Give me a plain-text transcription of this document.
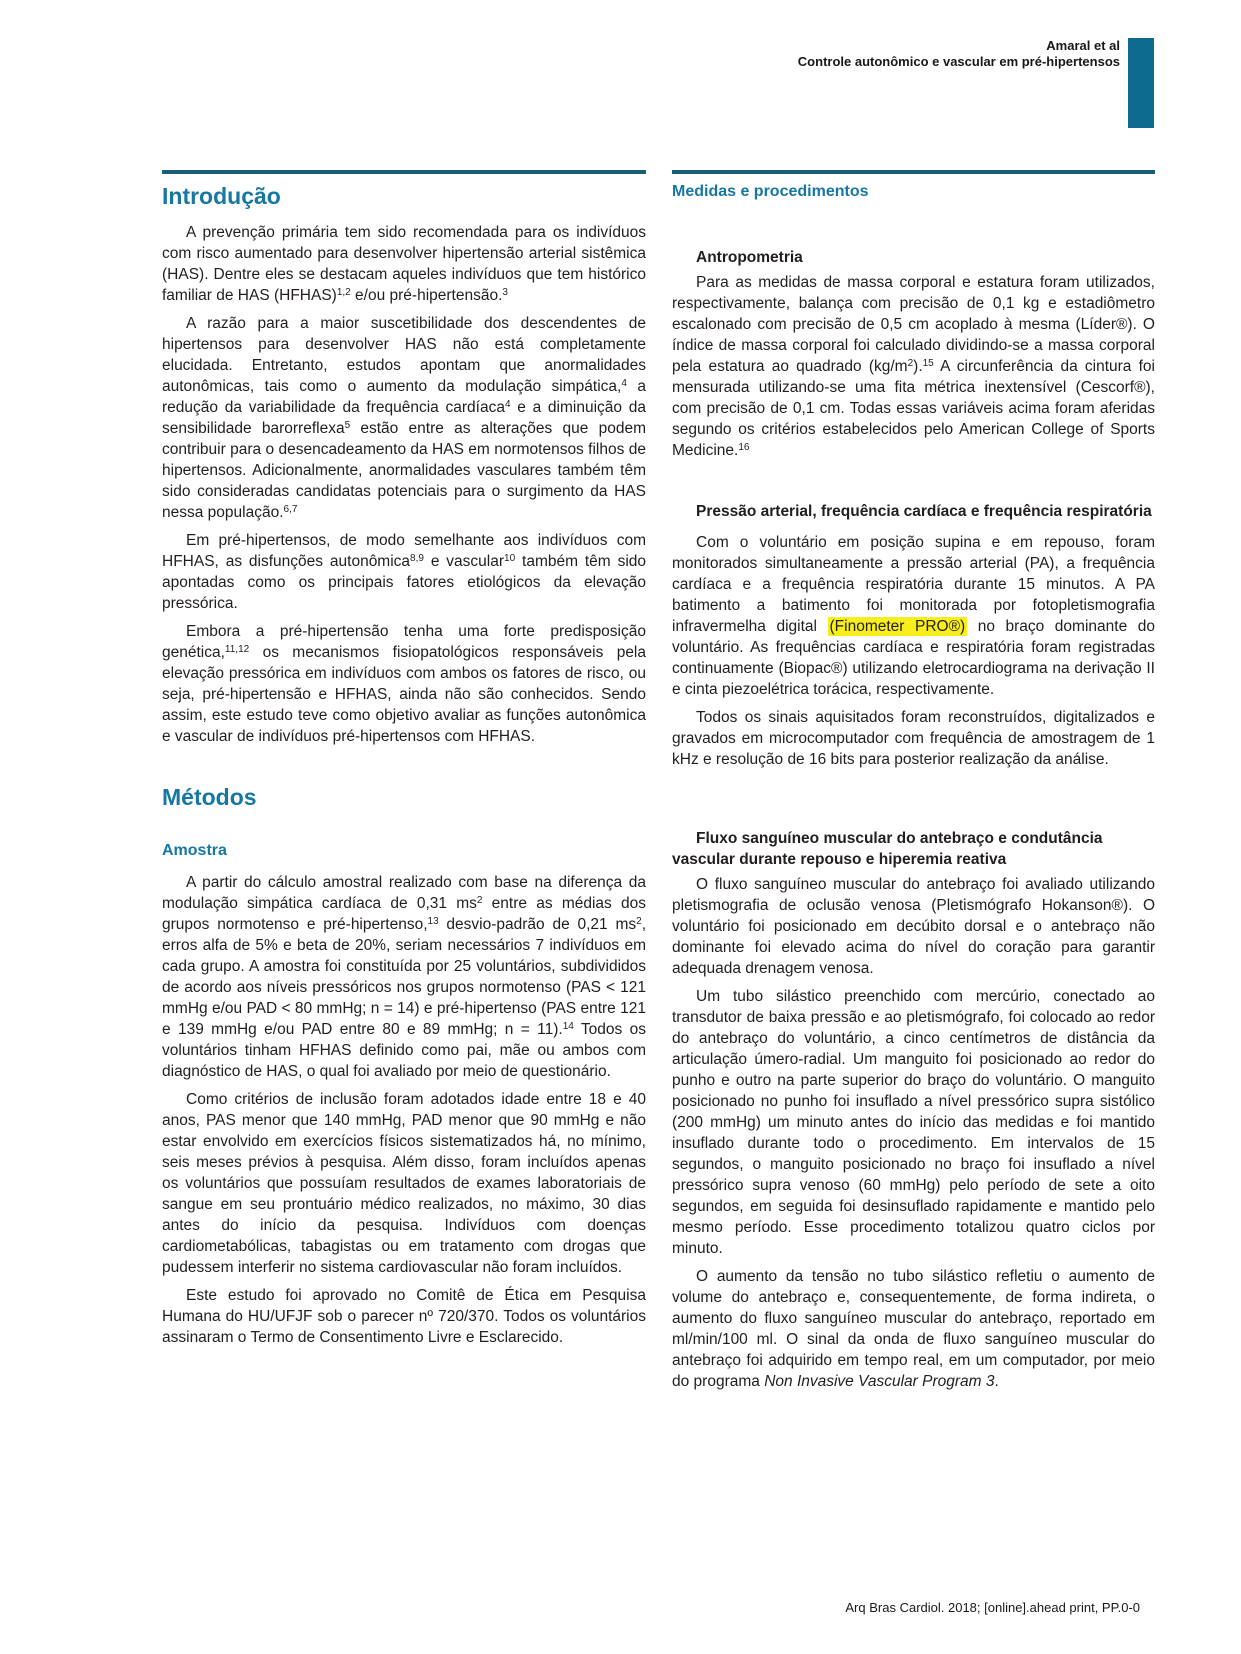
Amaral et al
Controle autonômico e vascular em pré-hipertensos
Introdução

A prevenção primária tem sido recomendada para os indivíduos com risco aumentado para desenvolver hipertensão arterial sistêmica (HAS). Dentre eles se destacam aqueles indivíduos que tem histórico familiar de HAS (HFHAS)$^{1,2}$ e/ou pré-hipertensão.$^3$

A razão para a maior suscetibilidade dos descendentes de hipertensos para desenvolver HAS não está completamente elucidada. Entretanto, estudos apontam que anormalidades autonômicas, tais como o aumento da modulação simpática,$^4$ a redução da variabilidade da frequência cardíaca$^4$ e a diminuição da sensibilidade barorreflexa$^5$ estão entre as alterações que podem contribuir para o desencadeamento da HAS em normotensos filhos de hipertensos. Adicionalmente, anormalidades vasculares também têm sido consideradas candidatas potenciais para o surgimento da HAS nessa população.$^{6,7}$

Em pré-hipertensos, de modo semelhante aos indivíduos com HFHAS, as disfunções autonômica$^{8,9}$ e vascular$^{10}$ também têm sido apontadas como os principais fatores etiológicos da elevação pressórica.

Embora a pré-hipertensão tenha uma forte predisposição genética,$^{11,12}$ os mecanismos fisiopatológicos responsáveis pela elevação pressórica em indivíduos com ambos os fatores de risco, ou seja, pré-hipertensão e HFHAS, ainda não são conhecidos. Sendo assim, este estudo teve como objetivo avaliar as funções autonômica e vascular de indivíduos pré-hipertensos com HFHAS.

Métodos
Amostra

A partir do cálculo amostral realizado com base na diferença da modulação simpática cardíaca de 0,31 $ms^2$ entre as médias dos grupos normotenso e pré-hipertenso,$^{13}$ desvio-padrão de 0,21 $ms^2$, erros alfa de 5% e beta de 20%, seriam necessários 7 indivíduos em cada grupo. A amostra foi constituída por 25 voluntários, subdivididos de acordo aos níveis pressóricos nos grupos normotenso (PAS < 121 mmHg e/ou PAD < 80 mmHg; n = 14) e pré-hipertenso (PAS entre 121 e 139 mmHg e/ou PAD entre 80 e 89 mmHg; n = 11).$^{14}$ Todos os voluntários tinham HFHAS definido como pai, mãe ou ambos com diagnóstico de HAS, o qual foi avaliado por meio de questionário.

Como critérios de inclusão foram adotados idade entre 18 e 40 anos, PAS menor que 140 mmHg, PAD menor que 90 mmHg e não estar envolvido em exercícios físicos sistematizados há, no mínimo, seis meses prévios à pesquisa. Além disso, foram incluídos apenas os voluntários que possuíam resultados de exames laboratoriais de sangue em seu prontuário médico realizados, no máximo, 30 dias antes do início da pesquisa. Indivíduos com doenças cardiometabólicas, tabagistas ou em tratamento com drogas que pudessem interferir no sistema cardiovascular não foram incluídos.

Este estudo foi aprovado no Comitê de Ética em Pesquisa Humana do HU/UFJF sob o parecer nº 720/370. Todos os voluntários assinaram o Termo de Consentimento Livre e Esclarecido.

Medidas e procedimentos
Antropometria

Para as medidas de massa corporal e estatura foram utilizados, respectivamente, balança com precisão de 0,1 kg e estadiômetro escalonado com precisão de 0,5 cm acoplado à mesma (Líder®). O índice de massa corporal foi calculado dividindo-se a massa corporal pela estatura ao quadrado $(kg/m^2).^{15}$ A circunferência da cintura foi mensurada utilizando-se uma fita métrica inextensível (Cescorf®), com precisão de 0,1 cm. Todas essas variáveis acima foram aferidas segundo os critérios estabelecidos pelo American College of Sports Medicine.$^{16}$

Pressão arterial, frequência cardíaca e frequência respiratória

Com o voluntário em posição supina e em repouso, foram monitorados simultaneamente a pressão arterial (PA), a frequência cardíaca e a frequência respiratória durante 15 minutos. A PA batimento a batimento foi monitorada por fotopletismografia infravermelha digital (Finometer PRO®) no braço dominante do voluntário. As frequências cardíaca e respiratória foram registradas continuamente (Biopac®) utilizando eletrocardiograma na derivação II e cinta piezoelétrica torácica, respectivamente.

Todos os sinais aquisitados foram reconstruídos, digitalizados e gravados em microcomputador com frequência de amostragem de 1 kHz e resolução de 16 bits para posterior realização da análise.

Fluxo sanguíneo muscular do antebraço e condutância vascular durante repouso e hiperemia reativa

O fluxo sanguíneo muscular do antebraço foi avaliado utilizando pletismografia de oclusão venosa (Pletismógrafo Hokanson®). O voluntário foi posicionado em decúbito dorsal e o antebraço não dominante foi elevado acima do nível do coração para garantir adequada drenagem venosa.

Um tubo silástico preenchido com mercúrio, conectado ao transdutor de baixa pressão e ao pletismógrafo, foi colocado ao redor do antebraço do voluntário, a cinco centímetros de distância da articulação úmero-radial. Um manguito foi posicionado ao redor do punho e outro na parte superior do braço do voluntário. O manguito posicionado no punho foi insuflado a nível pressórico supra sistólico (200 mmHg) um minuto antes do início das medidas e foi mantido insuflado durante todo o procedimento. Em intervalos de 15 segundos, o manguito posicionado no braço foi insuflado a nível pressórico supra venoso (60 mmHg) pelo período de sete a oito segundos, em seguida foi desinsuflado rapidamente e mantido pelo mesmo período. Esse procedimento totalizou quatro ciclos por minuto.

O aumento da tensão no tubo silástico refletiu o aumento de volume do antebraço e, consequentemente, de forma indireta, o aumento do fluxo sanguíneo muscular do antebraço, reportado em ml/min/100 ml. O sinal da onda de fluxo sanguíneo muscular do antebraço foi adquirido em tempo real, em um computador, por meio do programa Non Invasive Vascular Program 3.

Arq Bras Cardiol. 2018; [online].ahead print, PP.0-0
